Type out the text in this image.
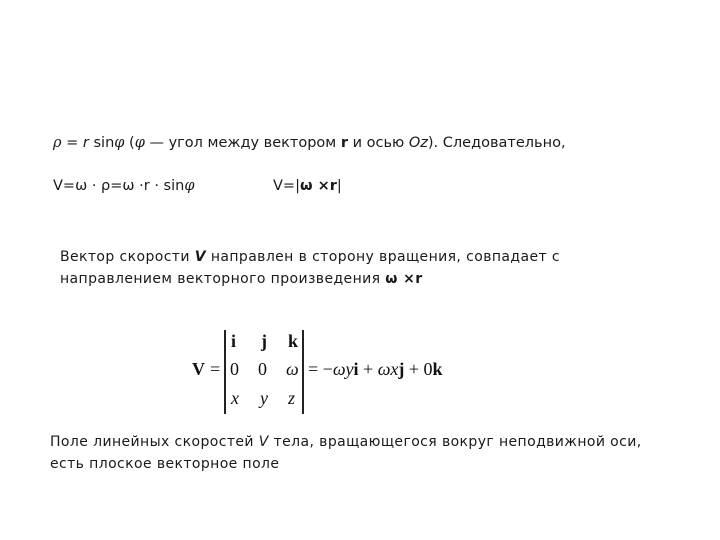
ρ = r sinφ (φ — угол между вектором r и осью Oz). Следовательно,
V=ω · ρ=ω ·r · sinφ	V=|ω ×r|
Вектор скорости V направлен в сторону вращения, совпадает с
направлением векторного произведения ω ×r
V =
i j k
0 0 ω
x y z
= −ωyi + ωxj + 0k
Поле линейных скоростей V тела, вращающегося вокруг неподвижной оси,
есть плоское векторное поле
